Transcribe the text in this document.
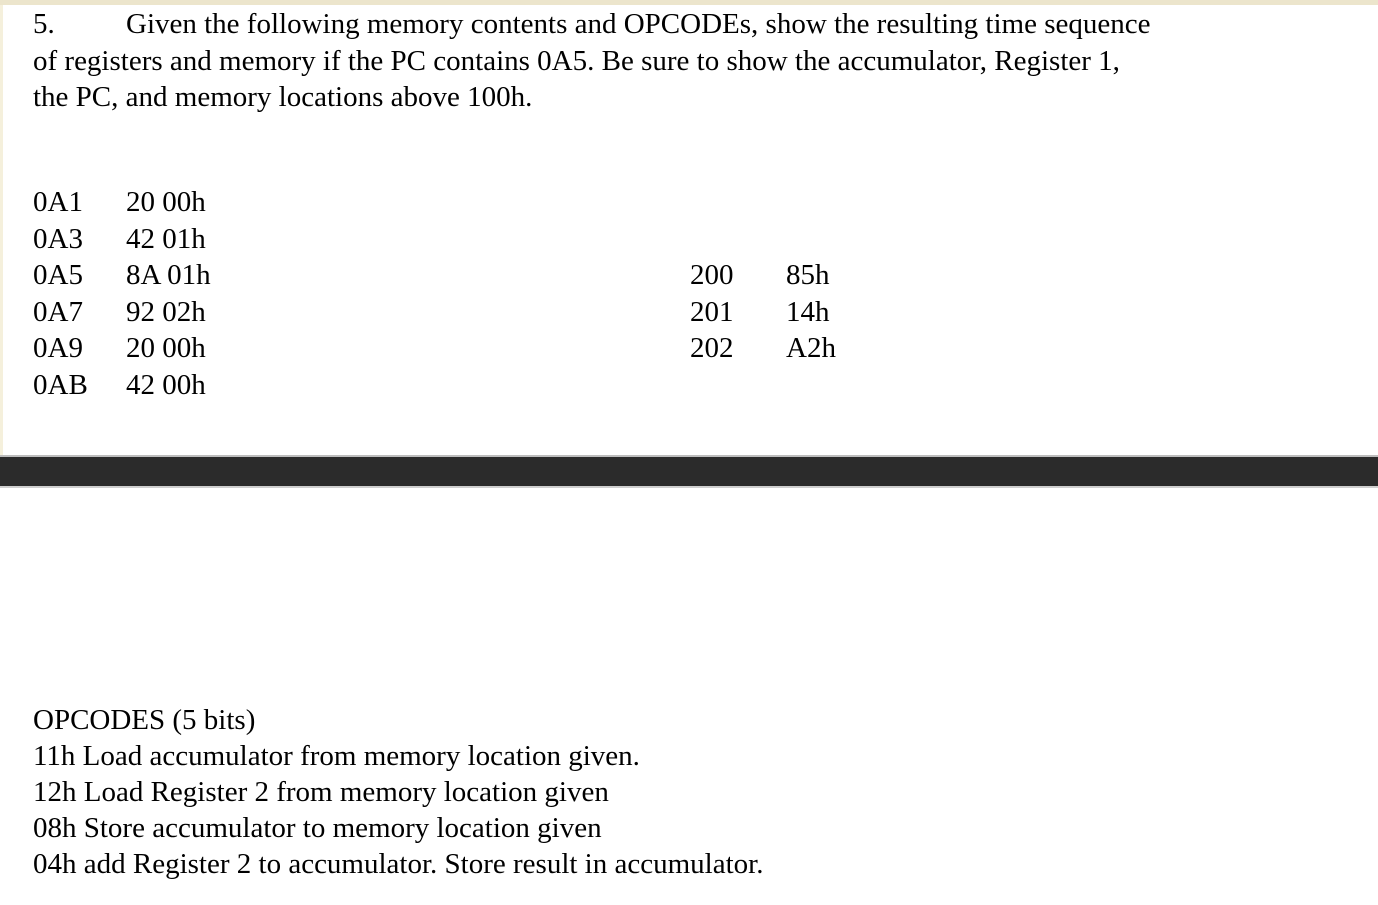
5. Given the following memory contents and OPCODEs, show the resulting time sequence
of registers and memory if the PC contains 0A5. Be sure to show the accumulator, Register 1,
the PC, and memory locations above 100h.
0A1 20 00h
0A3 42 01h
0A5 8A 01h
0A7 92 02h
0A9 20 00h
0AB 42 00h
200 85h
201 14h
202 A2h
OPCODES (5 bits)
11h Load accumulator from memory location given.
12h Load Register 2 from memory location given
08h Store accumulator to memory location given
04h add Register 2 to accumulator. Store result in accumulator.
